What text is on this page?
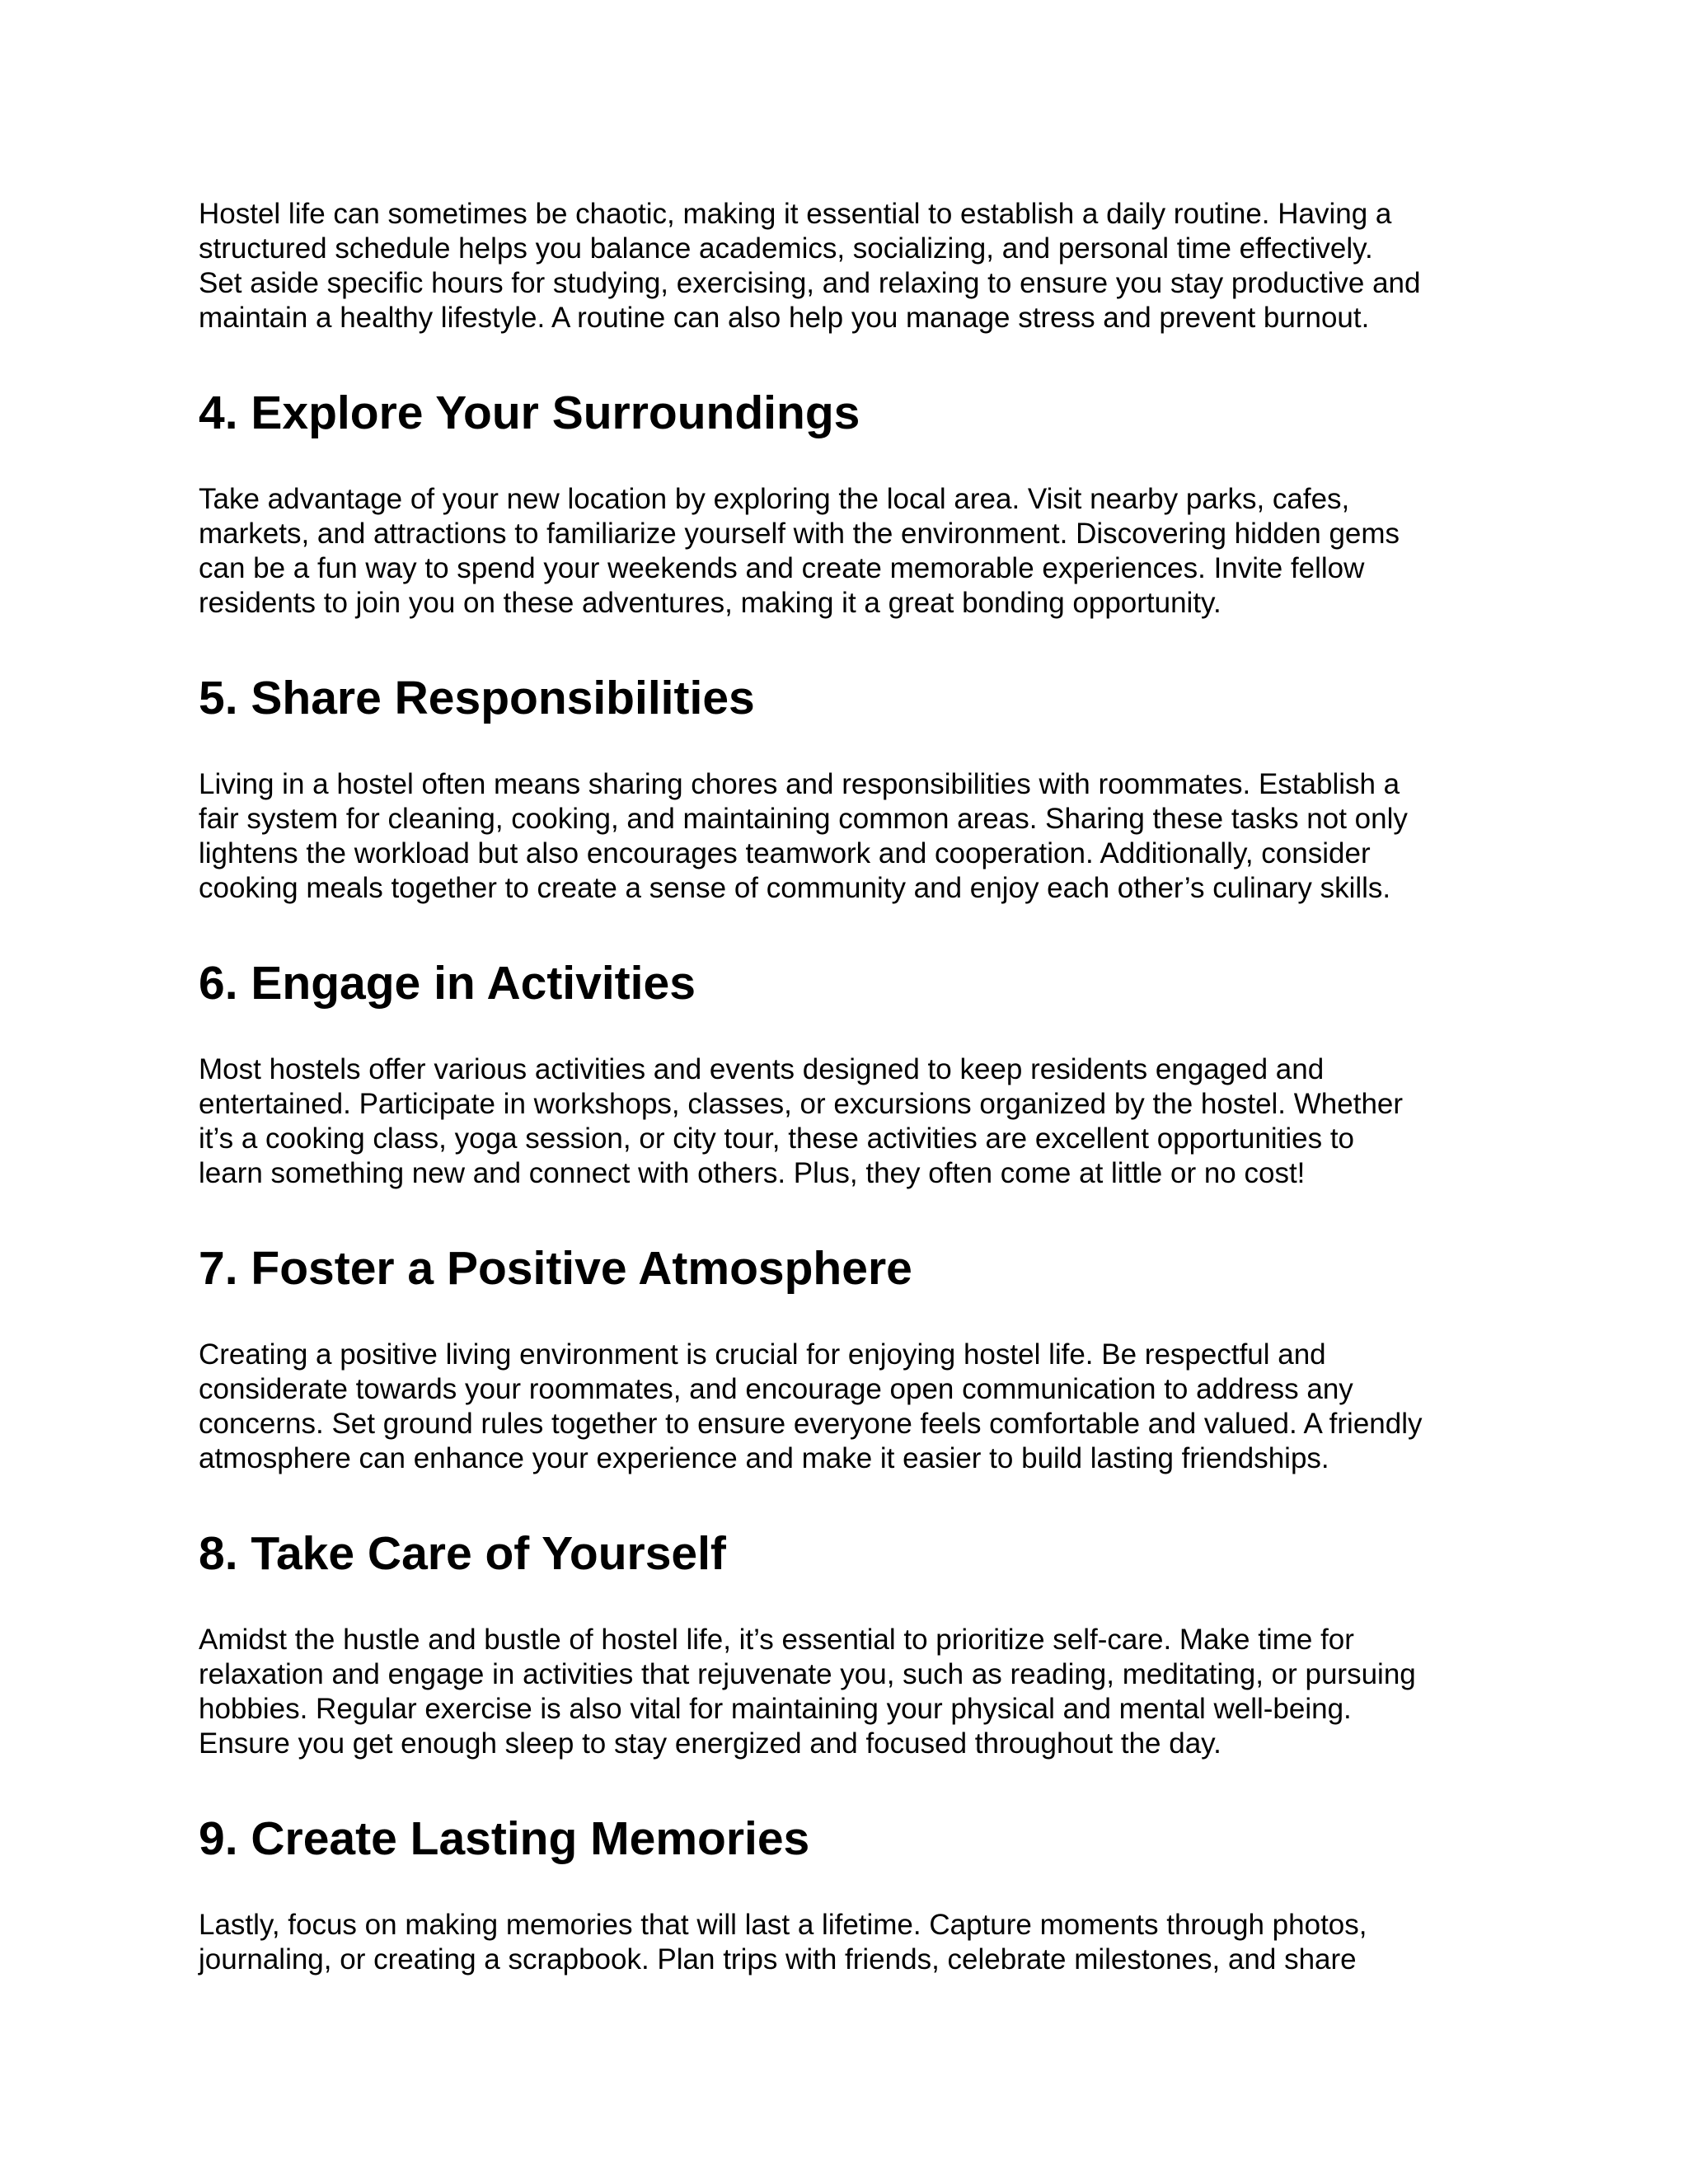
Hostel life can sometimes be chaotic, making it essential to establish a daily routine. Having a
structured schedule helps you balance academics, socializing, and personal time effectively.
Set aside specific hours for studying, exercising, and relaxing to ensure you stay productive and
maintain a healthy lifestyle. A routine can also help you manage stress and prevent burnout.

4. Explore Your Surroundings

Take advantage of your new location by exploring the local area. Visit nearby parks, cafes,
markets, and attractions to familiarize yourself with the environment. Discovering hidden gems
can be a fun way to spend your weekends and create memorable experiences. Invite fellow
residents to join you on these adventures, making it a great bonding opportunity.

5. Share Responsibilities

Living in a hostel often means sharing chores and responsibilities with roommates. Establish a
fair system for cleaning, cooking, and maintaining common areas. Sharing these tasks not only
lightens the workload but also encourages teamwork and cooperation. Additionally, consider
cooking meals together to create a sense of community and enjoy each other’s culinary skills.

6. Engage in Activities

Most hostels offer various activities and events designed to keep residents engaged and
entertained. Participate in workshops, classes, or excursions organized by the hostel. Whether
it’s a cooking class, yoga session, or city tour, these activities are excellent opportunities to
learn something new and connect with others. Plus, they often come at little or no cost!

7. Foster a Positive Atmosphere

Creating a positive living environment is crucial for enjoying hostel life. Be respectful and
considerate towards your roommates, and encourage open communication to address any
concerns. Set ground rules together to ensure everyone feels comfortable and valued. A friendly
atmosphere can enhance your experience and make it easier to build lasting friendships.

8. Take Care of Yourself

Amidst the hustle and bustle of hostel life, it’s essential to prioritize self-care. Make time for
relaxation and engage in activities that rejuvenate you, such as reading, meditating, or pursuing
hobbies. Regular exercise is also vital for maintaining your physical and mental well-being.
Ensure you get enough sleep to stay energized and focused throughout the day.

9. Create Lasting Memories

Lastly, focus on making memories that will last a lifetime. Capture moments through photos,
journaling, or creating a scrapbook. Plan trips with friends, celebrate milestones, and share
